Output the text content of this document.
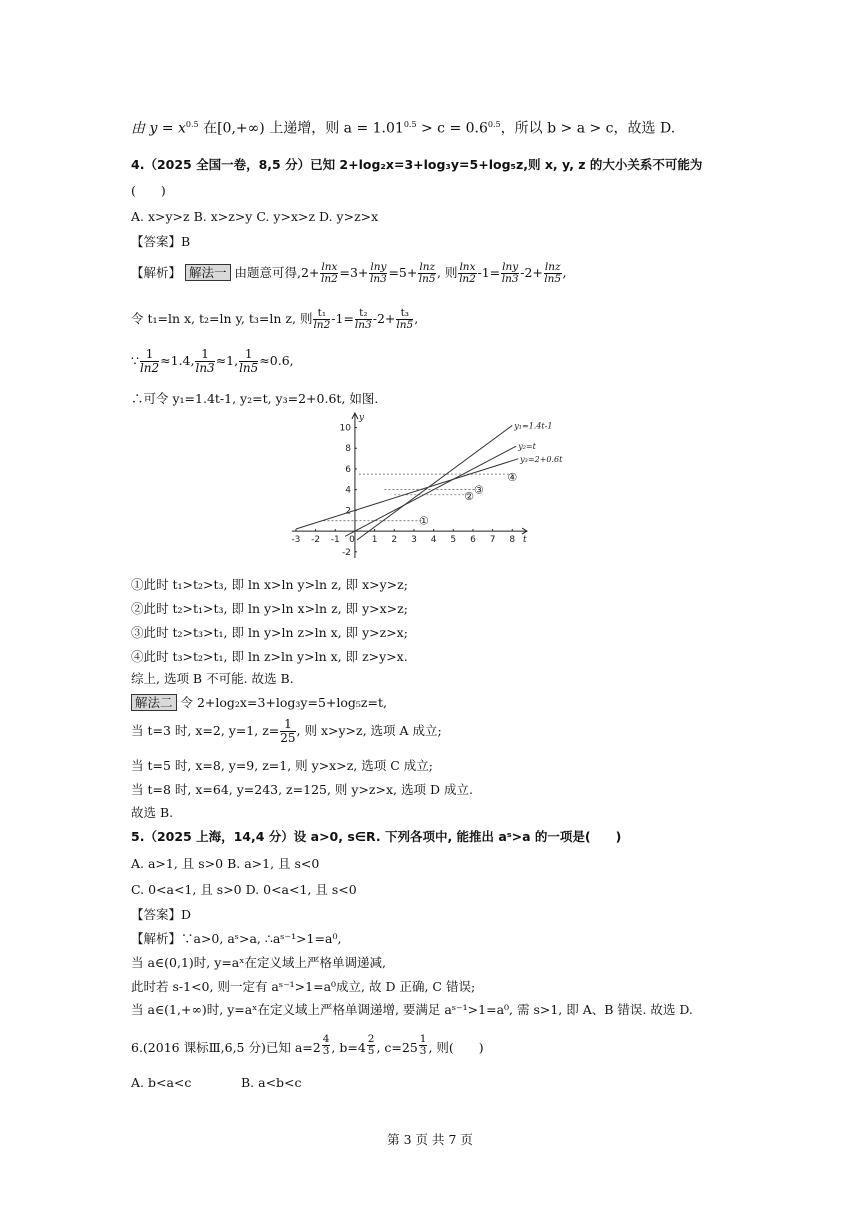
由 $y = x^{0.5}$ 在[0,+∞) 上递增，则 $a = 1.01^{0.5} > c = 0.6^{0.5}$，所以 b > a > c，故选 D.
4.（2025 全国一卷，8,5 分）已知 2+log₂x=3+log₃y=5+log₅z,则 x, y, z 的大小关系不可能为
(　　)
A. x>y>z B. x>z>y C. y>x>z D. y>z>x
【答案】B
【解析】 解法一 由题意可得$,2+ \frac{\ln x}{\ln 2} =3+ \frac{\ln y}{\ln 3} =5+ \frac{\ln z}{\ln 5}$ , 则 $\frac{\ln x}{\ln 2} -1= \frac{\ln y}{\ln 3} -2+ \frac{\ln z}{\ln 5}$ ,
令 t₁=ln x, t₂=ln y, t₃=ln z, 则 $\frac{\text{t₁}}{\ln 2} -1= \frac{\text{t₂}}{\ln 3} -2+ \frac{\text{t₃}}{\ln 5}$ ,
∵ $\frac{1}{\ln 2} \approx 1.4$, $\frac{1}{\ln 3} \approx 1$, $\frac{1}{\ln 5} \approx 0.6$,
∴可令 y₁=1.4t-1, y₂=t, y₃=2+0.6t, 如图.
-3 -2 -1 0 1 2 3 4 5 6 7 8
-2
2
4
6
8
10
t
y
y₁=1.4t-1
y₂=t
y₃=2+0.6t
①
② ③
④
①此时 t₁>t₂>t₃, 即 ln x>ln y>ln z, 即 x>y>z;
②此时 t₂>t₁>t₃, 即 ln y>ln x>ln z, 即 y>x>z;
③此时 t₂>t₃>t₁, 即 ln y>ln z>ln x, 即 y>z>x;
④此时 t₃>t₂>t₁, 即 ln z>ln y>ln x, 即 z>y>x.
综上, 选项 B 不可能. 故选 B.
解法二 令 2+log₂x=3+log₃y=5+log₅z=t,
当 t=3 时, x=2, y=1, $z= \frac{1}{25}$ , 则 x>y>z, 选项 A 成立;
当 t=5 时, x=8, y=9, z=1, 则 y>x>z, 选项 C 成立;
当 t=8 时, x=64, y=243, z=125, 则 y>z>x, 选项 D 成立.
故选 B.
5.（2025 上海，14,4 分）设 a>0, s∈R. 下列各项中, 能推出 aˢ>a 的一项是(　　)
A. a>1, 且 s>0 B. a>1, 且 s<0
C. 0<a<1, 且 s>0 D. 0<a<1, 且 s<0
【答案】D
【解析】∵a>0, aˢ>a, ∴aˢ⁻¹>1=a⁰,
当 a∈(0,1)时, y=aˣ在定义域上严格单调递减,
此时若 s-1<0, 则一定有 aˢ⁻¹>1=a⁰成立, 故 D 正确, C 错误;
当 a∈(1,+∞)时, y=aˣ在定义域上严格单调递增, 要满足 aˢ⁻¹>1=a⁰, 需 s>1, 即 A、B 错误. 故选 D.
6.(2016 课标Ⅲ,6,5 分)已知 a=2 $^{\frac{4}{3}}$ , b=4 $^{\frac{2}{5}}$ , c=25 $^{\frac{1}{3}}$ , 则(　　)
A. b<a<c	B. a<b<c
第 3 页 共 7 页
